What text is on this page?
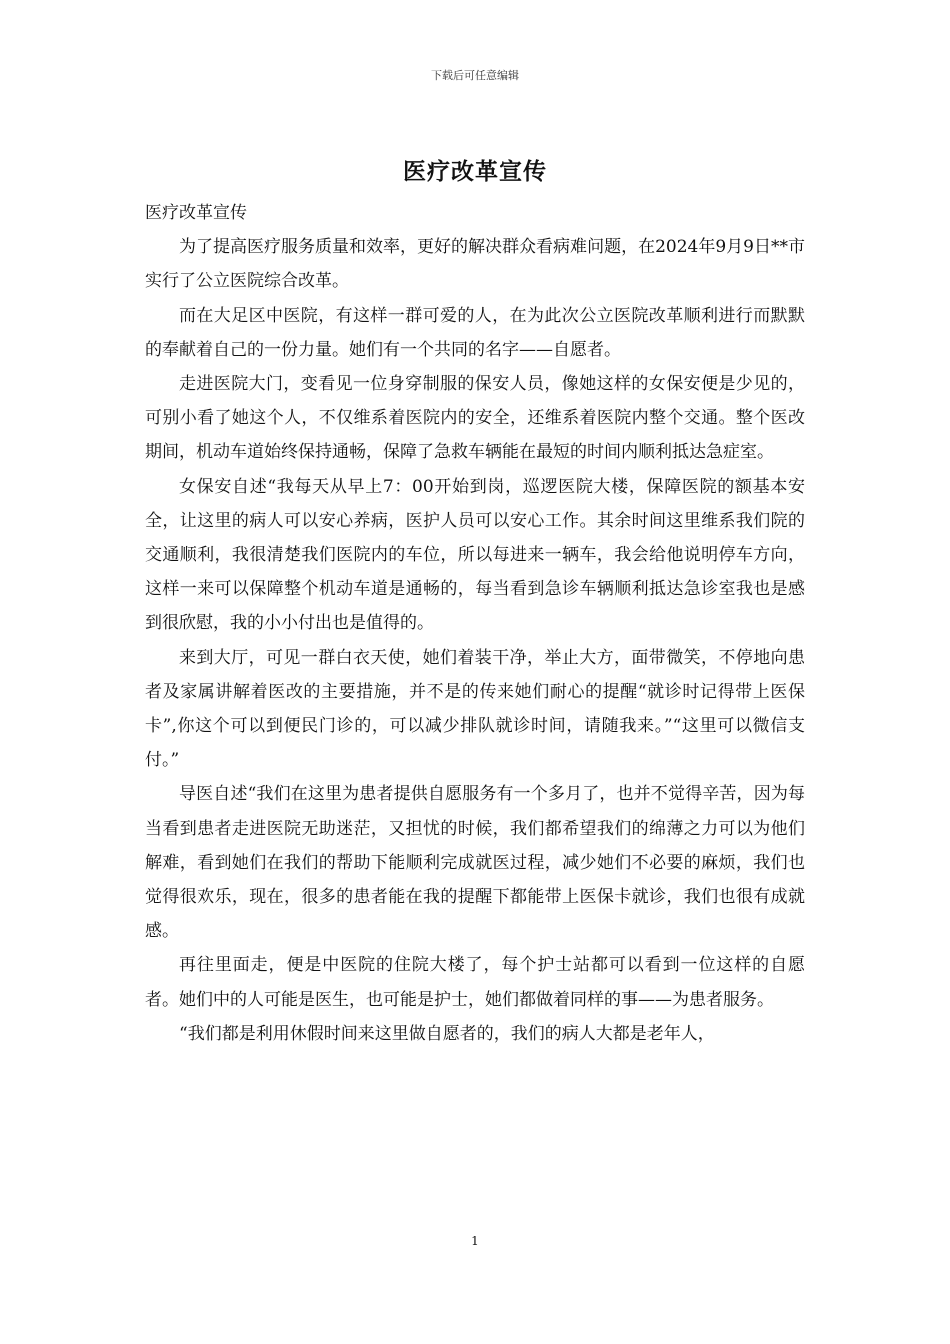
下载后可任意编辑
医疗改革宣传

医疗改革宣传

为了提高医疗服务质量和效率，更好的解决群众看病难问题，在2024年9月9日**市实行了公立医院综合改革。

而在大足区中医院，有这样一群可爱的人，在为此次公立医院改革顺利进行而默默的奉献着自己的一份力量。她们有一个共同的名字——自愿者。

走进医院大门，变看见一位身穿制服的保安人员，像她这样的女保安便是少见的，可别小看了她这个人，不仅维系着医院内的安全，还维系着医院内整个交通。整个医改期间，机动车道始终保持通畅，保障了急救车辆能在最短的时间内顺利抵达急症室。

女保安自述“我每天从早上7：00开始到岗，巡逻医院大楼，保障医院的额基本安全，让这里的病人可以安心养病，医护人员可以安心工作。其余时间这里维系我们院的交通顺利，我很清楚我们医院内的车位，所以每进来一辆车，我会给他说明停车方向，这样一来可以保障整个机动车道是通畅的，每当看到急诊车辆顺利抵达急诊室我也是感到很欣慰，我的小小付出也是值得的。

来到大厅，可见一群白衣天使，她们着装干净，举止大方，面带微笑，不停地向患者及家属讲解着医改的主要措施，并不是的传来她们耐心的提醒“就诊时记得带上医保卡”,你这个可以到便民门诊的，可以减少排队就诊时间，请随我来。”“这里可以微信支付。”

导医自述“我们在这里为患者提供自愿服务有一个多月了，也并不觉得辛苦，因为每当看到患者走进医院无助迷茫，又担忧的时候，我们都希望我们的绵薄之力可以为他们解难，看到她们在我们的帮助下能顺利完成就医过程，减少她们不必要的麻烦，我们也觉得很欢乐，现在，很多的患者能在我的提醒下都能带上医保卡就诊，我们也很有成就感。

再往里面走，便是中医院的住院大楼了，每个护士站都可以看到一位这样的自愿者。她们中的人可能是医生，也可能是护士，她们都做着同样的事——为患者服务。

“我们都是利用休假时间来这里做自愿者的，我们的病人大都是老年人，

1
